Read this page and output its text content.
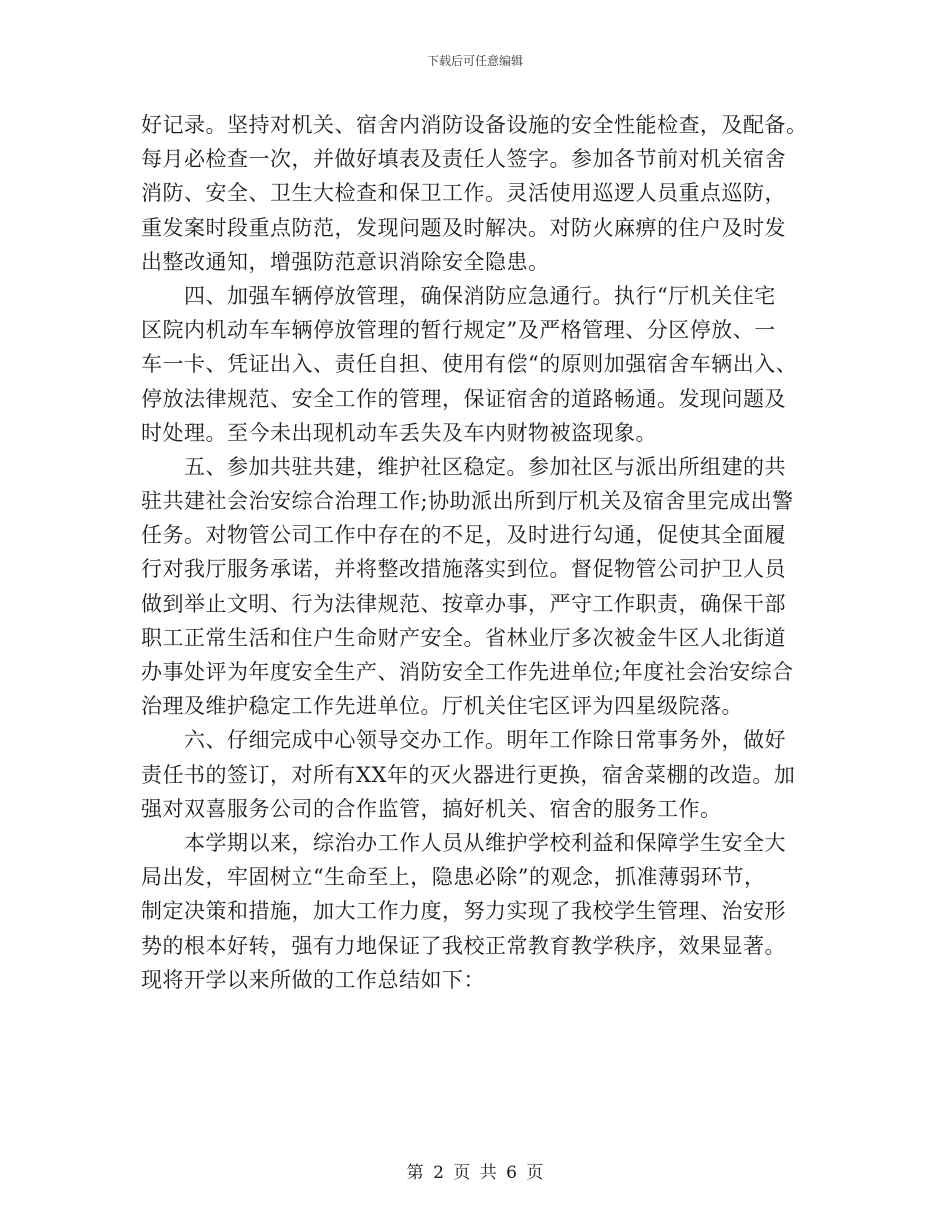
下载后可任意编辑
好记录。坚持对机关、宿舍内消防设备设施的安全性能检查，及配备。
每月必检查一次，并做好填表及责任人签字。参加各节前对机关宿舍
消防、安全、卫生大检查和保卫工作。灵活使用巡逻人员重点巡防，
重发案时段重点防范，发现问题及时解决。对防火麻痹的住户及时发
出整改通知，增强防范意识消除安全隐患。
　　四、加强车辆停放管理，确保消防应急通行。执行“厅机关住宅
区院内机动车车辆停放管理的暂行规定”及严格管理、分区停放、一
车一卡、凭证出入、责任自担、使用有偿“的原则加强宿舍车辆出入、
停放法律规范、安全工作的管理，保证宿舍的道路畅通。发现问题及
时处理。至今未出现机动车丢失及车内财物被盗现象。
　　五、参加共驻共建，维护社区稳定。参加社区与派出所组建的共
驻共建社会治安综合治理工作;协助派出所到厅机关及宿舍里完成出警
任务。对物管公司工作中存在的不足，及时进行勾通，促使其全面履
行对我厅服务承诺，并将整改措施落实到位。督促物管公司护卫人员
做到举止文明、行为法律规范、按章办事，严守工作职责，确保干部
职工正常生活和住户生命财产安全。省林业厅多次被金牛区人北街道
办事处评为年度安全生产、消防安全工作先进单位;年度社会治安综合
治理及维护稳定工作先进单位。厅机关住宅区评为四星级院落。
　　六、仔细完成中心领导交办工作。明年工作除日常事务外，做好
责任书的签订，对所有XX年的灭火器进行更换，宿舍菜棚的改造。加
强对双喜服务公司的合作监管，搞好机关、宿舍的服务工作。
　　本学期以来，综治办工作人员从维护学校利益和保障学生安全大
局出发，牢固树立“生命至上，隐患必除”的观念，抓准薄弱环节，
制定决策和措施，加大工作力度，努力实现了我校学生管理、治安形
势的根本好转，强有力地保证了我校正常教育教学秩序，效果显著。
现将开学以来所做的工作总结如下：
第 2 页 共 6 页
